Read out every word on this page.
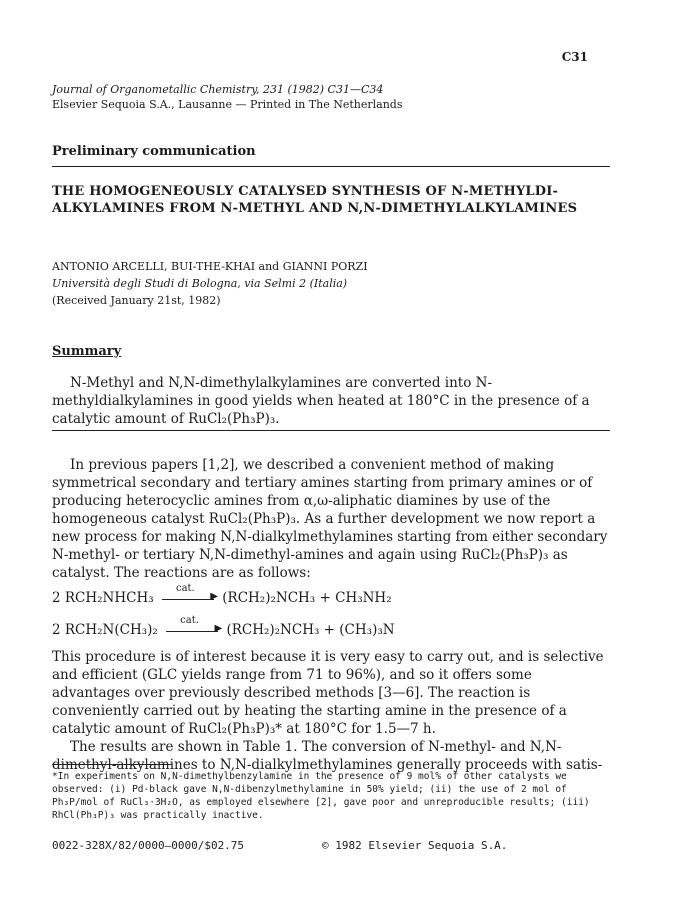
C31
Journal of Organometallic Chemistry, 231 (1982) C31—C34
Elsevier Sequoia S.A., Lausanne — Printed in The Netherlands
Preliminary communication
THE HOMOGENEOUSLY CATALYSED SYNTHESIS OF N-METHYLDI-ALKYLAMINES FROM N-METHYL AND N,N-DIMETHYLALKYLAMINES
ANTONIO ARCELLI, BUI-THE-KHAI and GIANNI PORZI
Università degli Studi di Bologna, via Selmi 2 (Italia)
(Received January 21st, 1982)
Summary
N-Methyl and N,N-dimethylalkylamines are converted into N-methyldialkylamines in good yields when heated at 180°C in the presence of a catalytic amount of RuCl₂(Ph₃P)₃.
In previous papers [1,2], we described a convenient method of making symmetrical secondary and tertiary amines starting from primary amines or of producing heterocyclic amines from α,ω-aliphatic diamines by use of the homogeneous catalyst RuCl₂(Ph₃P)₃. As a further development we now report a new process for making N,N-dialkylmethylamines starting from either secondary N-methyl- or tertiary N,N-dimethyl-amines and again using RuCl₂(Ph₃P)₃ as catalyst. The reactions are as follows:
2 RCH₂NHCH₃
cat.
▶ (RCH₂)₂NCH₃ + CH₃NH₂
2 RCH₂N(CH₃)₂
cat.
▶ (RCH₂)₂NCH₃ + (CH₃)₃N
This procedure is of interest because it is very easy to carry out, and is selective and efficient (GLC yields range from 71 to 96%), and so it offers some advantages over previously described methods [3—6]. The reaction is conveniently carried out by heating the starting amine in the presence of a catalytic amount of RuCl₂(Ph₃P)₃* at 180°C for 1.5—7 h.
The results are shown in Table 1. The conversion of N-methyl- and N,N-dimethyl-alkylamines to N,N-dialkylmethylamines generally proceeds with satis-
*In experiments on N,N-dimethylbenzylamine in the presence of 9 mol% of other catalysts we observed: (i) Pd-black gave N,N-dibenzylmethylamine in 50% yield; (ii) the use of 2 mol of Ph₃P/mol of RuCl₃·3H₂O, as employed elsewhere [2], gave poor and unreproducible results; (iii) RhCl(Ph₃P)₃ was practically inactive.
0022-328X/82/0000—0000/$02.75	© 1982 Elsevier Sequoia S.A.
